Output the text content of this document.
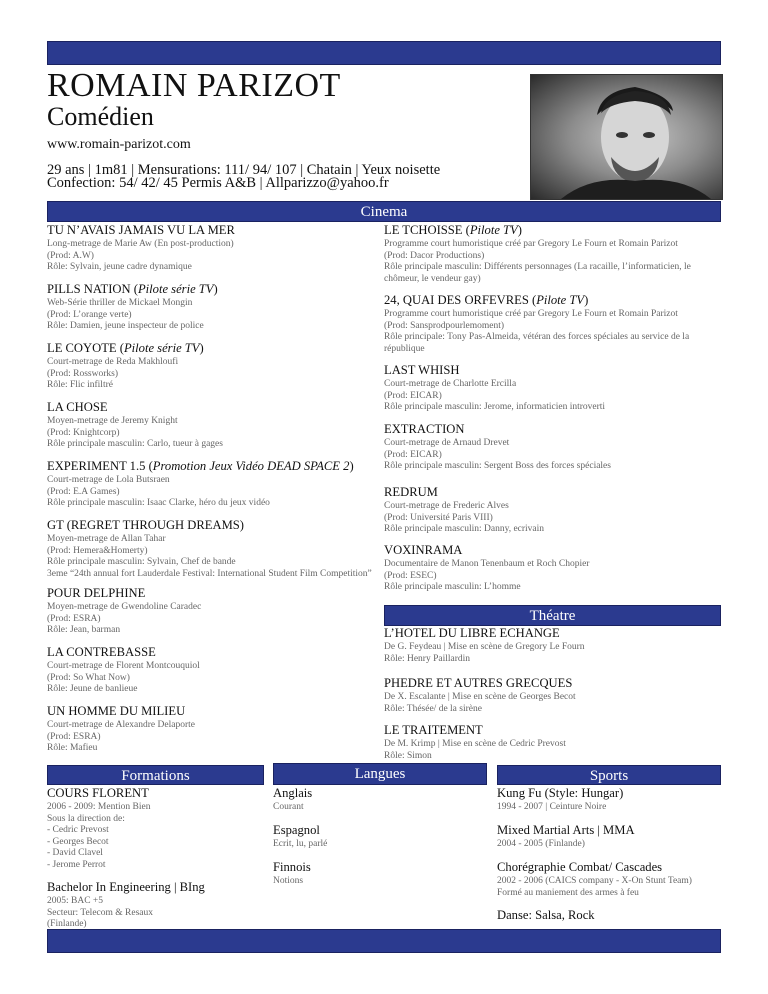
ROMAIN PARIZOT
Comédien
www.romain-parizot.com
29 ans | 1m81 | Mensurations: 111/ 94/ 107 | Chatain | Yeux noisette
Confection: 54/ 42/ 45 Permis A&B | Allparizzo@yahoo.fr
Cinema
TU N’AVAIS JAMAIS VU LA MER
Long-metrage de Marie Aw (En post-production)
(Prod: A.W)
Rôle: Sylvain, jeune cadre dynamique
PILLS NATION (Pilote série TV)
Web-Série thriller de Mickael Mongin
(Prod: L’orange verte)
Rôle: Damien, jeune inspecteur de police
LE COYOTE (Pilote série TV)
Court-metrage de Reda Makhloufi
(Prod: Rossworks)
Rôle: Flic infiltré
LA CHOSE
Moyen-metrage de Jeremy Knight
(Prod: Knightcorp)
Rôle principale masculin: Carlo, tueur à gages
EXPERIMENT 1.5 (Promotion Jeux Vidéo DEAD SPACE 2)
Court-metrage de Lola Butsraen
(Prod: E.A Games)
Rôle principale masculin: Isaac Clarke, héro du jeux vidéo
GT (REGRET THROUGH DREAMS)
Moyen-metrage de Allan Tahar
(Prod: Hemera&Homerty)
Rôle principale masculin: Sylvain, Chef de bande
3eme “24th annual fort Lauderdale Festival: International Student Film Competition”
POUR DELPHINE
Moyen-metrage de Gwendoline Caradec
(Prod: ESRA)
Rôle: Jean, barman
LA CONTREBASSE
Court-metrage de Florent Montcouquiol
(Prod: So What Now)
Rôle: Jeune de banlieue
UN HOMME DU MILIEU
Court-metrage de Alexandre Delaporte
(Prod: ESRA)
Rôle: Mafieu
LE TCHOISSE (Pilote TV)
Programme court humoristique créé par Gregory Le Fourn et Romain Parizot
(Prod: Dacor Productions)
Rôle principale masculin: Différents personnages (La racaille, l’informaticien, le
chômeur, le vendeur gay)
24, QUAI DES ORFEVRES (Pilote TV)
Programme court humoristique créé par Gregory Le Fourn et Romain Parizot
(Prod: Sansprodpourlemoment)
Rôle principale: Tony Pas-Almeida, vétéran des forces spéciales au service de la
république
LAST WHISH
Court-metrage de Charlotte Ercilla
(Prod: EICAR)
Rôle principale masculin: Jerome, informaticien introverti
EXTRACTION
Court-metrage de Arnaud Drevet
(Prod: EICAR)
Rôle principale masculin: Sergent Boss des forces spéciales
REDRUM
Court-metrage de Frederic Alves
(Prod: Université Paris VIII)
Rôle principale masculin: Danny, ecrivain
VOXINRAMA
Documentaire de Manon Tenenbaum et Roch Chopier
(Prod: ESEC)
Rôle principale masculin: L’homme
Théatre
L’HOTEL DU LIBRE ECHANGE
De G. Feydeau | Mise en scène de Gregory Le Fourn
Rôle: Henry Paillardin
PHEDRE ET AUTRES GRECQUES
De X. Escalante | Mise en scène de Georges Becot
Rôle: Thésée/ de la sirène
LE TRAITEMENT
De M. Krimp | Mise en scène de Cedric Prevost
Rôle: Simon
Formations	Langues	Sports
COURS FLORENT
2006 - 2009: Mention Bien
Sous la direction de:
- Cedric Prevost
- Georges Becot
- David Clavel
- Jerome Perrot
Bachelor In Engineering | BIng
2005: BAC +5
Secteur: Telecom & Resaux
(Finlande)
Anglais
Courant
Espagnol
Ecrit, lu, parlé
Finnois
Notions
Kung Fu (Style: Hungar)
1994 - 2007 | Ceinture Noire
Mixed Martial Arts | MMA
2004 - 2005 (Finlande)
Chorégraphie Combat/ Cascades
2002 - 2006 (CAICS company - X-On Stunt Team)
Formé au maniement des armes à feu
Danse: Salsa, Rock
